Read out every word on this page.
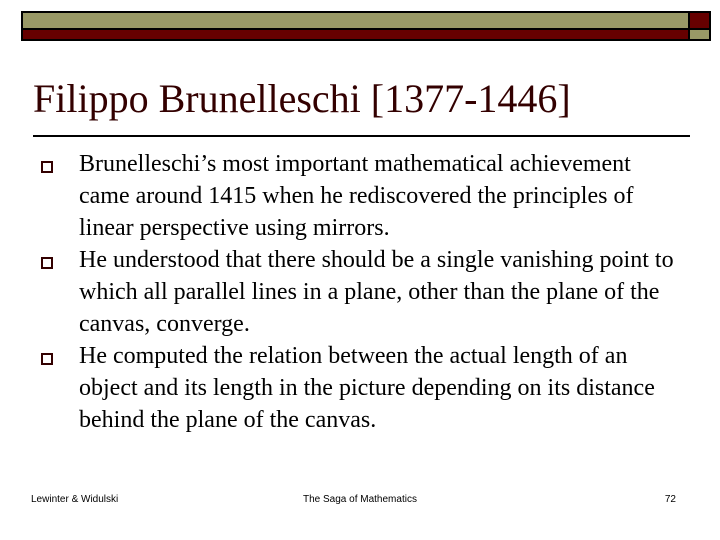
Filippo Brunelleschi [1377-1446]
Brunelleschi’s most important mathematical achievement came around 1415 when he rediscovered the principles of linear perspective using mirrors.
He understood that there should be a single vanishing point to which all parallel lines in a plane, other than the plane of the canvas, converge.
He computed the relation between the actual length of an object and its length in the picture depending on its distance behind the plane of the canvas.
Lewinter & Widulski	The Saga of Mathematics	72
